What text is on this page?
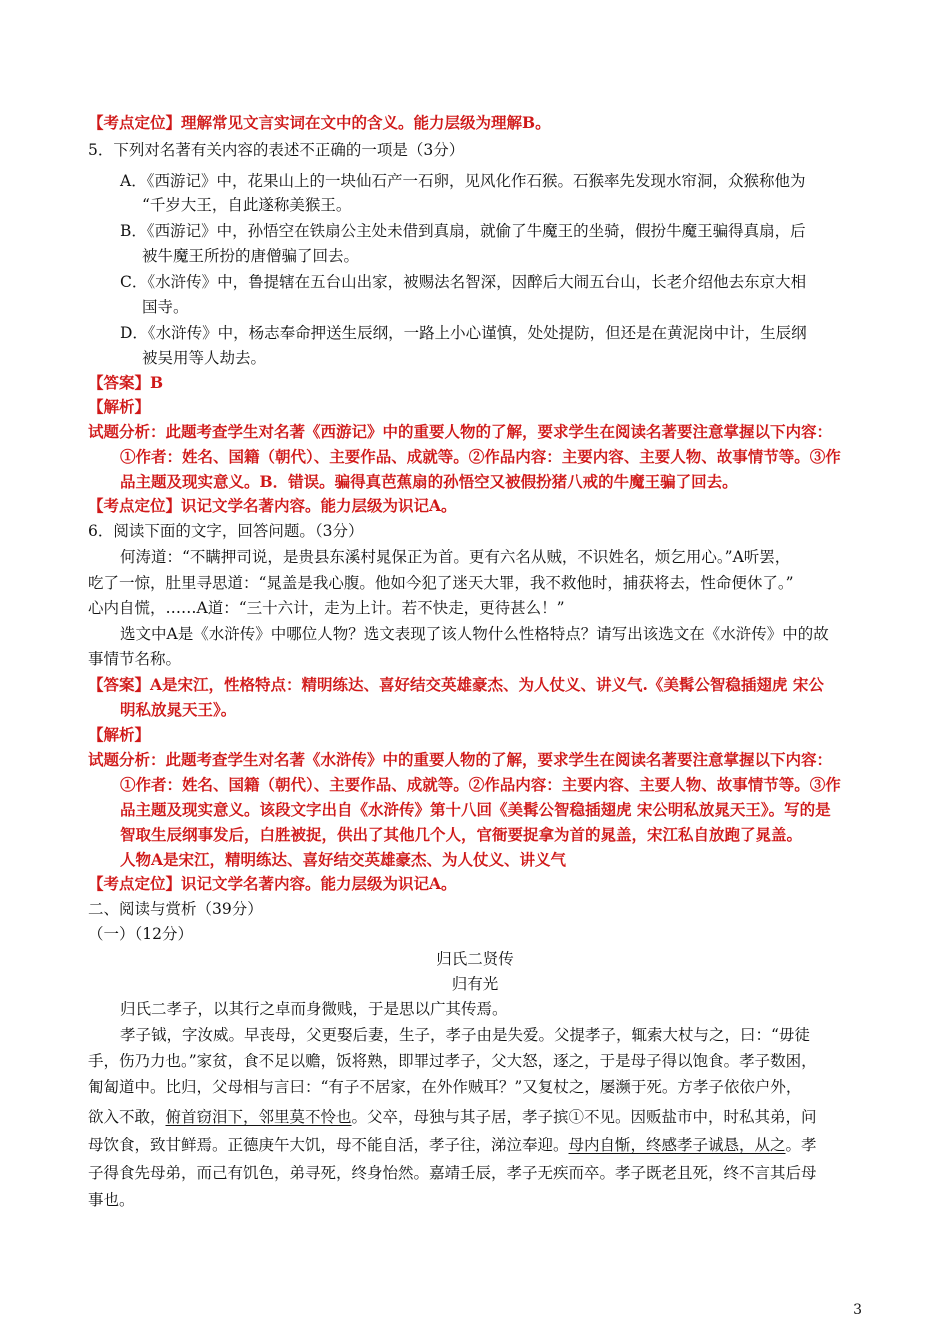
【考点定位】理解常见文言实词在文中的含义。能力层级为理解B。
5．下列对名著有关内容的表述不正确的一项是（3分）
A．《西游记》中，花果山上的一块仙石产一石卵，见风化作石猴。石猴率先发现水帘洞，众猴称他为
“千岁大王，自此遂称美猴王。
B．《西游记》中，孙悟空在铁扇公主处未借到真扇，就偷了牛魔王的坐骑，假扮牛魔王骗得真扇，后
被牛魔王所扮的唐僧骗了回去。
C．《水浒传》中，鲁提辖在五台山出家，被赐法名智深，因醉后大闹五台山，长老介绍他去东京大相
国寺。
D．《水浒传》中，杨志奉命押送生辰纲，一路上小心谨慎，处处提防，但还是在黄泥岗中计，生辰纲
被吴用等人劫去。
【答案】B
【解析】
试题分析：此题考查学生对名著《西游记》中的重要人物的了解，要求学生在阅读名著要注意掌握以下内容：
①作者：姓名、国籍（朝代）、主要作品、成就等。②作品内容：主要内容、主要人物、故事情节等。③作
品主题及现实意义。B．错误。骗得真芭蕉扇的孙悟空又被假扮猪八戒的牛魔王骗了回去。
【考点定位】识记文学名著内容。能力层级为识记A。
6．阅读下面的文字，回答问题。（3分）
何涛道：“不瞒押司说，是贵县东溪村晁保正为首。更有六名从贼，不识姓名，烦乞用心。”A听罢，
吃了一惊，肚里寻思道：“晁盖是我心腹。他如今犯了迷天大罪，我不救他时，捕获将去，性命便休了。”
心内自慌，……A道：“三十六计，走为上计。若不快走，更待甚么！”
选文中A是《水浒传》中哪位人物？选文表现了该人物什么性格特点？请写出该选文在《水浒传》中的故
事情节名称。
【答案】A是宋江，性格特点：精明练达、喜好结交英雄豪杰、为人仗义、讲义气.《美髯公智稳插翅虎 宋公
明私放晁天王》。
【解析】
试题分析：此题考查学生对名著《水浒传》中的重要人物的了解，要求学生在阅读名著要注意掌握以下内容：
①作者：姓名、国籍（朝代）、主要作品、成就等。②作品内容：主要内容、主要人物、故事情节等。③作
品主题及现实意义。该段文字出自《水浒传》第十八回《美髯公智稳插翅虎 宋公明私放晁天王》。写的是
智取生辰纲事发后，白胜被捉，供出了其他几个人，官衙要捉拿为首的晁盖，宋江私自放跑了晁盖。
人物A是宋江，精明练达、喜好结交英雄豪杰、为人仗义、讲义气
【考点定位】识记文学名著内容。能力层级为识记A。
二、阅读与赏析（39分）
（一）（12分）
归氏二贤传
归有光
归氏二孝子，以其行之卓而身微贱，于是思以广其传焉。
孝子钺，字汝威。早丧母，父更娶后妻，生子，孝子由是失爱。父提孝子，辄索大杖与之，曰：“毋徒
手，伤乃力也。”家贫，食不足以赡，饭将熟，即罪过孝子，父大怒，逐之，于是母子得以饱食。孝子数困，
匍匐道中。比归，父母相与言曰：“有子不居家，在外作贼耳？”又复杖之，屡濒于死。方孝子依依户外，
欲入不敢，俯首窃泪下，邻里莫不怜也。父卒，母独与其子居，孝子摈①不见。因贩盐市中，时私其弟，问
母饮食，致甘鲜焉。正德庚午大饥，母不能自活，孝子往，涕泣奉迎。母内自惭，终感孝子诚恳，从之。孝
子得食先母弟，而己有饥色，弟寻死，终身怡然。嘉靖壬辰，孝子无疾而卒。孝子既老且死，终不言其后母
事也。
3
